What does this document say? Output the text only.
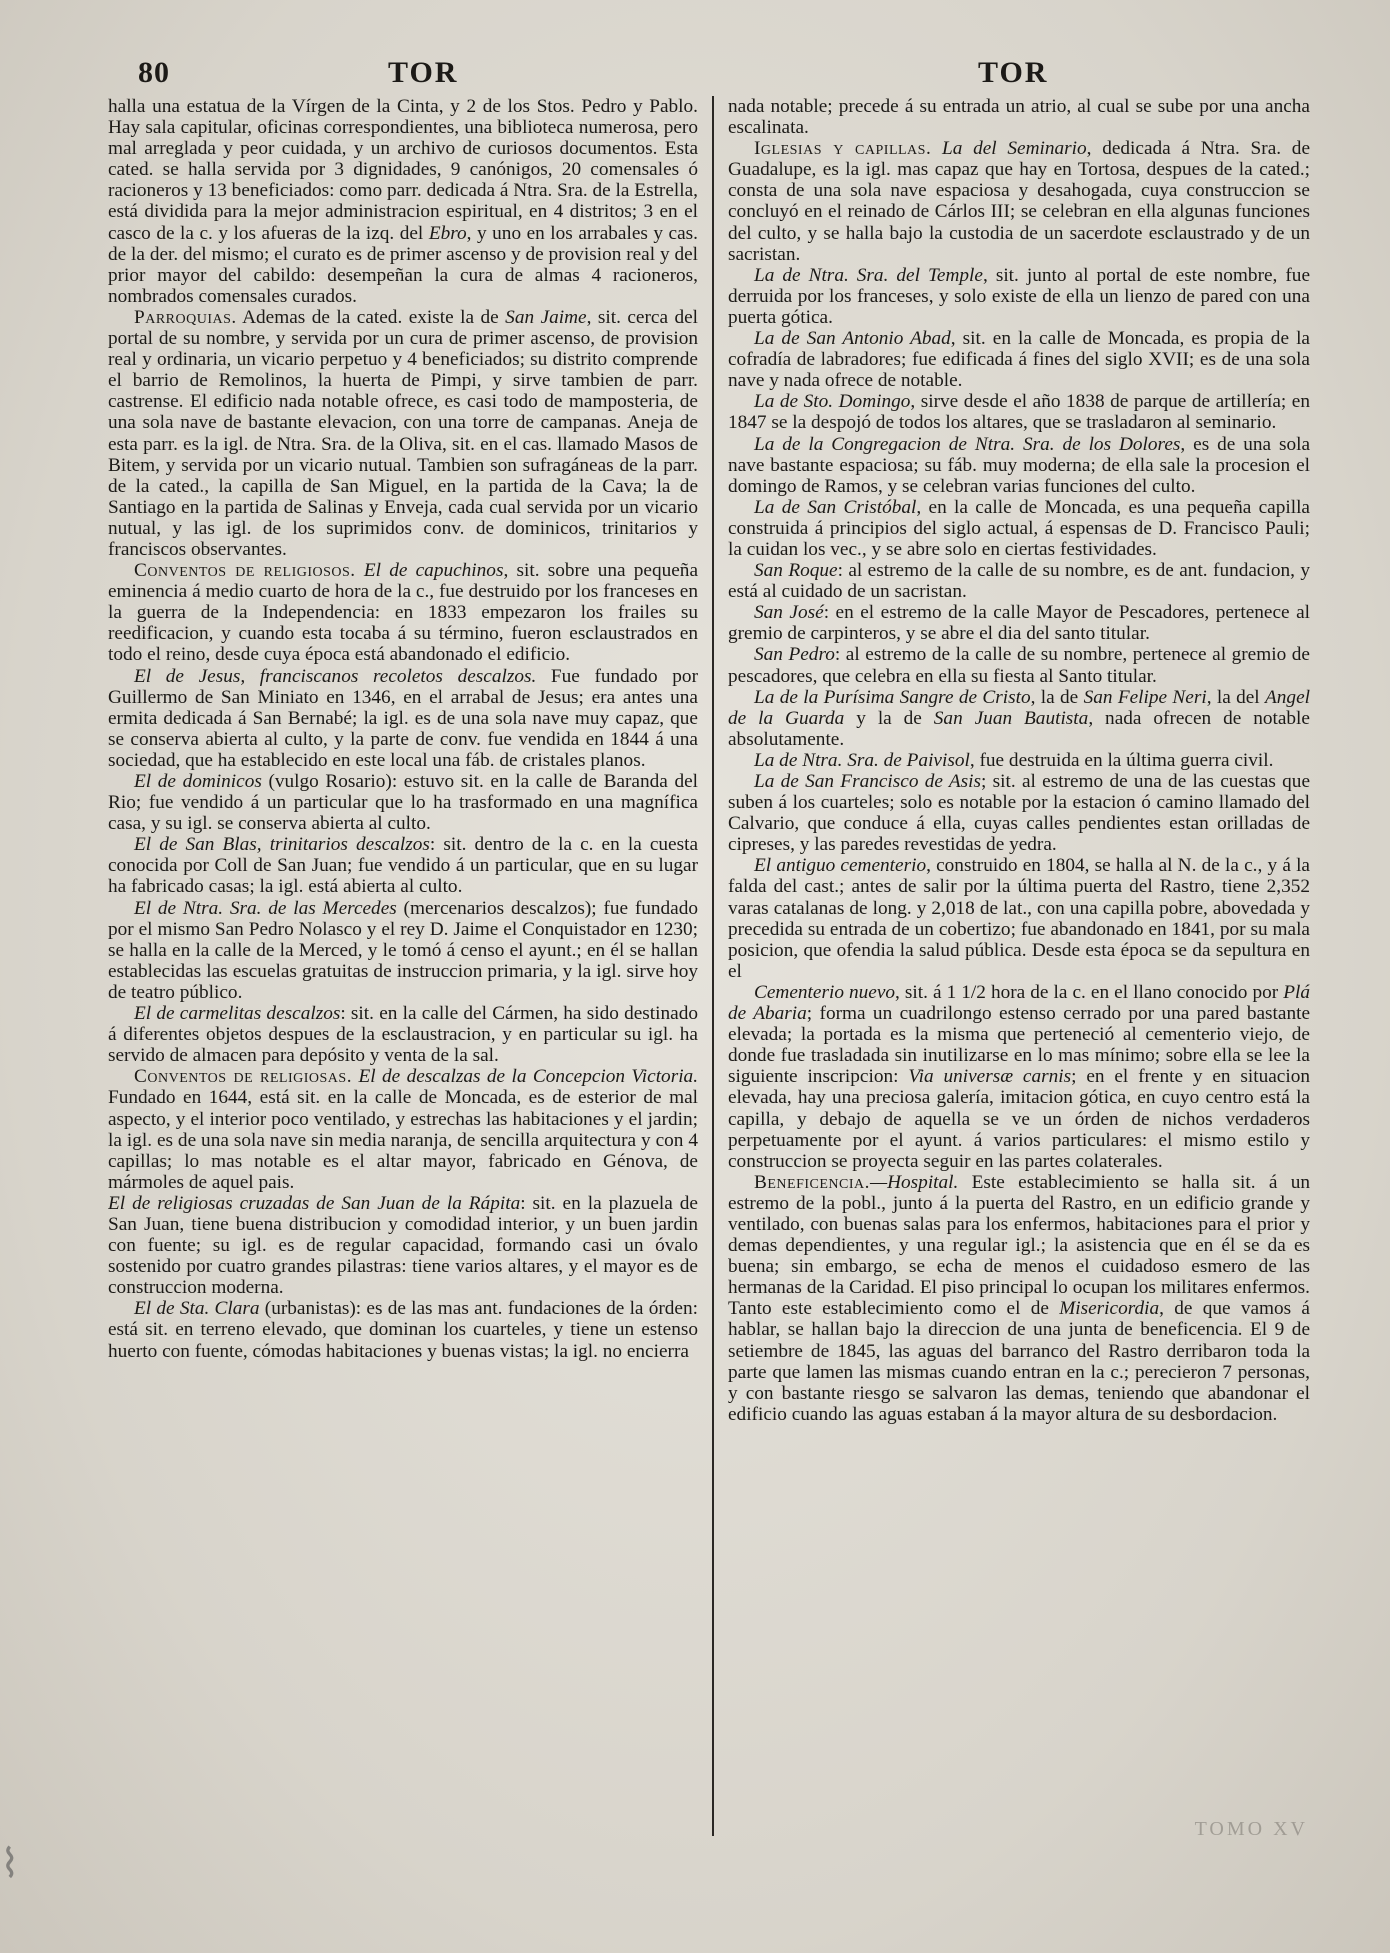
80	TOR	TOR

halla una estatua de la Vírgen de la Cinta, y 2 de los Stos. Pedro y Pablo. Hay sala capitular, oficinas correspondientes, una biblioteca numerosa, pero mal arreglada y peor cuidada, y un archivo de curiosos documentos. Esta cated. se halla servida por 3 dignidades, 9 canónigos, 20 comensales ó racioneros y 13 beneficiados: como parr. dedicada á Ntra. Sra. de la Estrella, está dividida para la mejor administracion espiritual, en 4 distritos; 3 en el casco de la c. y los afueras de la izq. del Ebro, y uno en los arrabales y cas. de la der. del mismo; el curato es de primer ascenso y de provision real y del prior mayor del cabildo: desempeñan la cura de almas 4 racioneros, nombrados comensales curados.

Parroquias. Ademas de la cated. existe la de San Jaime, sit. cerca del portal de su nombre, y servida por un cura de primer ascenso, de provision real y ordinaria, un vicario perpetuo y 4 beneficiados; su distrito comprende el barrio de Remolinos, la huerta de Pimpi, y sirve tambien de parr. castrense. El edificio nada notable ofrece, es casi todo de mamposteria, de una sola nave de bastante elevacion, con una torre de campanas. Aneja de esta parr. es la igl. de Ntra. Sra. de la Oliva, sit. en el cas. llamado Masos de Bitem, y servida por un vicario nutual. Tambien son sufragáneas de la parr. de la cated., la capilla de San Miguel, en la partida de la Cava; la de Santiago en la partida de Salinas y Enveja, cada cual servida por un vicario nutual, y las igl. de los suprimidos conv. de dominicos, trinitarios y franciscos observantes.

Conventos de religiosos. El de capuchinos, sit. sobre una pequeña eminencia á medio cuarto de hora de la c., fue destruido por los franceses en la guerra de la Independencia: en 1833 empezaron los frailes su reedificacion, y cuando esta tocaba á su término, fueron esclaustrados en todo el reino, desde cuya época está abandonado el edificio.

El de Jesus, franciscanos recoletos descalzos. Fue fundado por Guillermo de San Miniato en 1346, en el arrabal de Jesus; era antes una ermita dedicada á San Bernabé; la igl. es de una sola nave muy capaz, que se conserva abierta al culto, y la parte de conv. fue vendida en 1844 á una sociedad, que ha establecido en este local una fáb. de cristales planos.

El de dominicos (vulgo Rosario): estuvo sit. en la calle de Baranda del Rio; fue vendido á un particular que lo ha trasformado en una magnífica casa, y su igl. se conserva abierta al culto.

El de San Blas, trinitarios descalzos: sit. dentro de la c. en la cuesta conocida por Coll de San Juan; fue vendido á un particular, que en su lugar ha fabricado casas; la igl. está abierta al culto.

El de Ntra. Sra. de las Mercedes (mercenarios descalzos); fue fundado por el mismo San Pedro Nolasco y el rey D. Jaime el Conquistador en 1230; se halla en la calle de la Merced, y le tomó á censo el ayunt.; en él se hallan establecidas las escuelas gratuitas de instruccion primaria, y la igl. sirve hoy de teatro público.

El de carmelitas descalzos: sit. en la calle del Cármen, ha sido destinado á diferentes objetos despues de la esclaustracion, y en particular su igl. ha servido de almacen para depósito y venta de la sal.

Conventos de religiosas. El de descalzas de la Concepcion Victoria. Fundado en 1644, está sit. en la calle de Moncada, es de esterior de mal aspecto, y el interior poco ventilado, y estrechas las habitaciones y el jardin; la igl. es de una sola nave sin media naranja, de sencilla arquitectura y con 4 capillas; lo mas notable es el altar mayor, fabricado en Génova, de mármoles de aquel pais.

El de religiosas cruzadas de San Juan de la Rápita: sit. en la plazuela de San Juan, tiene buena distribucion y comodidad interior, y un buen jardin con fuente; su igl. es de regular capacidad, formando casi un óvalo sostenido por cuatro grandes pilastras: tiene varios altares, y el mayor es de construccion moderna.

El de Sta. Clara (urbanistas): es de las mas ant. fundaciones de la órden: está sit. en terreno elevado, que dominan los cuarteles, y tiene un estenso huerto con fuente, cómodas habitaciones y buenas vistas; la igl. no encierra

nada notable; precede á su entrada un atrio, al cual se sube por una ancha escalinata.

Iglesias y capillas. La del Seminario, dedicada á Ntra. Sra. de Guadalupe, es la igl. mas capaz que hay en Tortosa, despues de la cated.; consta de una sola nave espaciosa y desahogada, cuya construccion se concluyó en el reinado de Cárlos III; se celebran en ella algunas funciones del culto, y se halla bajo la custodia de un sacerdote esclaustrado y de un sacristan.

La de Ntra. Sra. del Temple, sit. junto al portal de este nombre, fue derruida por los franceses, y solo existe de ella un lienzo de pared con una puerta gótica.

La de San Antonio Abad, sit. en la calle de Moncada, es propia de la cofradía de labradores; fue edificada á fines del siglo XVII; es de una sola nave y nada ofrece de notable.

La de Sto. Domingo, sirve desde el año 1838 de parque de artillería; en 1847 se la despojó de todos los altares, que se trasladaron al seminario.

La de la Congregacion de Ntra. Sra. de los Dolores, es de una sola nave bastante espaciosa; su fáb. muy moderna; de ella sale la procesion el domingo de Ramos, y se celebran varias funciones del culto.

La de San Cristóbal, en la calle de Moncada, es una pequeña capilla construida á principios del siglo actual, á espensas de D. Francisco Pauli; la cuidan los vec., y se abre solo en ciertas festividades.

San Roque: al estremo de la calle de su nombre, es de ant. fundacion, y está al cuidado de un sacristan.

San José: en el estremo de la calle Mayor de Pescadores, pertenece al gremio de carpinteros, y se abre el dia del santo titular.

San Pedro: al estremo de la calle de su nombre, pertenece al gremio de pescadores, que celebra en ella su fiesta al Santo titular.

La de la Purísima Sangre de Cristo, la de San Felipe Neri, la del Angel de la Guarda y la de San Juan Bautista, nada ofrecen de notable absolutamente.

La de Ntra. Sra. de Paivisol, fue destruida en la última guerra civil.

La de San Francisco de Asis; sit. al estremo de una de las cuestas que suben á los cuarteles; solo es notable por la estacion ó camino llamado del Calvario, que conduce á ella, cuyas calles pendientes estan orilladas de cipreses, y las paredes revestidas de yedra.

El antiguo cementerio, construido en 1804, se halla al N. de la c., y á la falda del cast.; antes de salir por la última puerta del Rastro, tiene 2,352 varas catalanas de long. y 2,018 de lat., con una capilla pobre, abovedada y precedida su entrada de un cobertizo; fue abandonado en 1841, por su mala posicion, que ofendia la salud pública. Desde esta época se da sepultura en el

Cementerio nuevo, sit. á 1 1/2 hora de la c. en el llano conocido por Plá de Abaria; forma un cuadrilongo estenso cerrado por una pared bastante elevada; la portada es la misma que perteneció al cementerio viejo, de donde fue trasladada sin inutilizarse en lo mas mínimo; sobre ella se lee la siguiente inscripcion: Via universæ carnis; en el frente y en situacion elevada, hay una preciosa galería, imitacion gótica, en cuyo centro está la capilla, y debajo de aquella se ve un órden de nichos verdaderos perpetuamente por el ayunt. á varios particulares: el mismo estilo y construccion se proyecta seguir en las partes colaterales.

Beneficencia.—Hospital. Este establecimiento se halla sit. á un estremo de la pobl., junto á la puerta del Rastro, en un edificio grande y ventilado, con buenas salas para los enfermos, habitaciones para el prior y demas dependientes, y una regular igl.; la asistencia que en él se da es buena; sin embargo, se echa de menos el cuidadoso esmero de las hermanas de la Caridad. El piso principal lo ocupan los militares enfermos. Tanto este establecimiento como el de Misericordia, de que vamos á hablar, se hallan bajo la direccion de una junta de beneficencia. El 9 de setiembre de 1845, las aguas del barranco del Rastro derribaron toda la parte que lamen las mismas cuando entran en la c.; perecieron 7 personas, y con bastante riesgo se salvaron las demas, teniendo que abandonar el edificio cuando las aguas estaban á la mayor altura de su desbordacion.

TOMO XV
⌇
